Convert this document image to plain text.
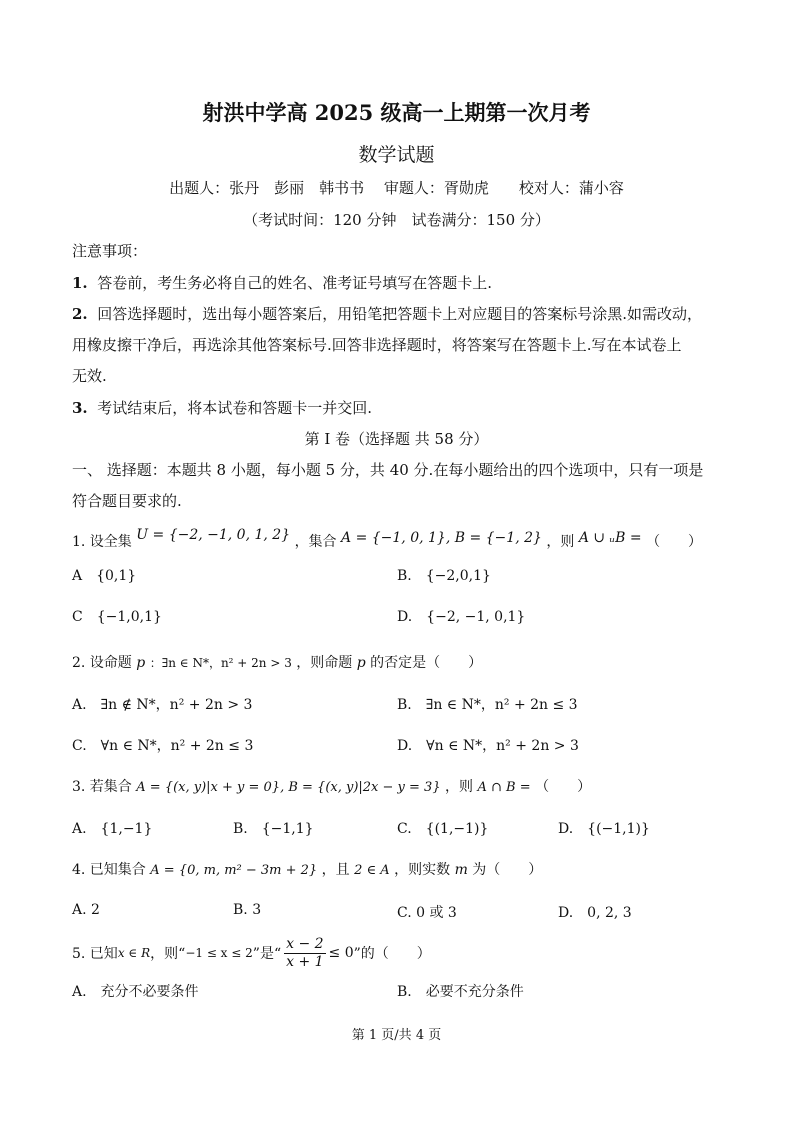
射洪中学高 2025 级高一上期第一次月考
数学试题
出题人：张丹　彭丽　韩书书　 审题人：胥勋虎　　校对人：蒲小容
（考试时间：120 分钟　试卷满分：150 分）
注意事项：
1. 答卷前，考生务必将自己的姓名、准考证号填写在答题卡上.
2. 回答选择题时，选出每小题答案后，用铅笔把答题卡上对应题目的答案标号涂黑.如需改动，
用橡皮擦干净后，再选涂其他答案标号.回答非选择题时，将答案写在答题卡上.写在本试卷上
无效.
3. 考试结束后，将本试卷和答题卡一并交回.
第 I 卷（选择题 共 58 分）
一、 选择题：本题共 8 小题，每小题 5 分，共 40 分.在每小题给出的四个选项中，只有一项是
符合题目要求的.
1. 设全集 U = {−2, −1, 0, 1, 2} ，集合 A = {−1, 0, 1}, B = {−1, 2} ，则 A ∪ ᵤB = （　　）
A　{0,1}	B.　{−2,0,1}
C　{−1,0,1}	D.　{−2, −1, 0,1}
2. 设命题 p ：∃n ∈ N*，n² + 2n > 3 ，则命题 p 的否定是（　　）
A.　∃n ∉ N*，n² + 2n > 3	B.　∃n ∈ N*，n² + 2n ≤ 3
C.　∀n ∈ N*，n² + 2n ≤ 3	D.　∀n ∈ N*，n² + 2n > 3
3. 若集合 A = {(x, y)|x + y = 0}, B = {(x, y)|2x − y = 3} ，则 A ∩ B = （　　）
A.　{1,−1}	B.　{−1,1}	C.　{(1,−1)}	D.　{(−1,1)}
4. 已知集合 A = {0, m, m² − 3m + 2} ，且 2 ∈ A ，则实数 m 为（　　）
A. 2	B. 3	C. 0 或 3	D.　0, 2, 3
5. 已知 x ∈ R ，则“ −1 ≤ x ≤ 2 ”是“ $\frac{x - 2}{x + 1} \le 0$ ”的（　　）
A.　充分不必要条件	B.　必要不充分条件
第 1 页/共 4 页
